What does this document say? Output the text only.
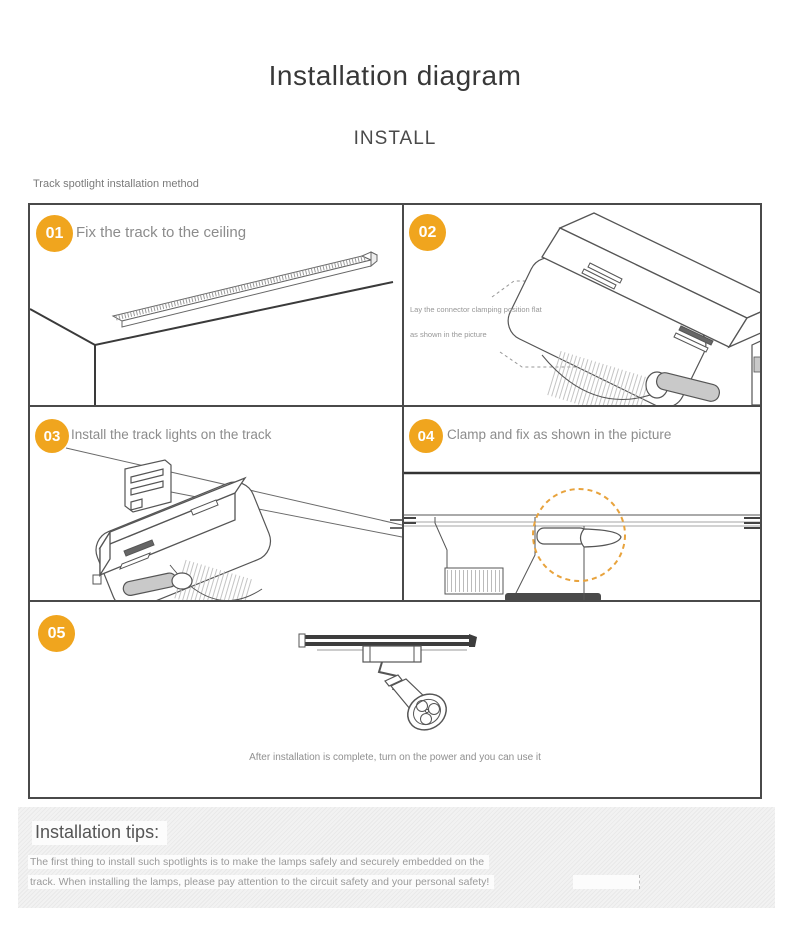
Installation diagram
INSTALL
Track spotlight installation method
01 Fix the track to the ceiling	02
Lay the connector clamping position flat
as shown in the picture
03 Install the track lights on the track	04 Clamp and fix as shown in the picture
05
After installation is complete, turn on the power and you can use it
Installation tips:
The first thing to install such spotlights is to make the lamps safely and securely embedded on the
track. When installing the lamps, please pay attention to the circuit safety and your personal safety!
